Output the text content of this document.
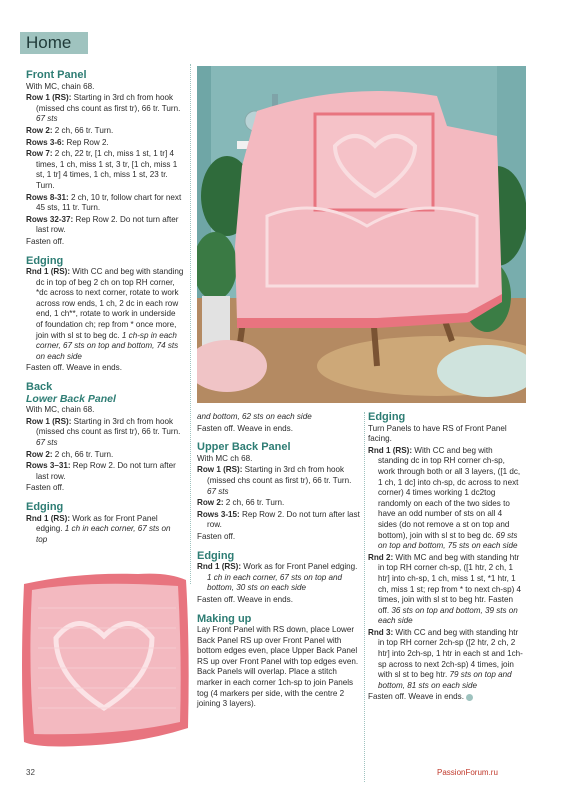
Home
Front Panel

With MC, chain 68.

Row 1 (RS): Starting in 3rd ch from hook (missed chs count as first tr), 66 tr. Turn.
67 sts

Row 2: 2 ch, 66 tr. Turn.

Rows 3-6: Rep Row 2.

Row 7: 2 ch, 22 tr, [1 ch, miss 1 st, 1 tr] 4 times, 1 ch, miss 1 st, 3 tr, [1 ch, miss 1 st, 1 tr] 4 times, 1 ch, miss 1 st, 23 tr. Turn.

Rows 8-31: 2 ch, 10 tr, follow chart for next 45 sts, 11 tr. Turn.

Rows 32-37: Rep Row 2. Do not turn after last row.

Fasten off.

Edging

Rnd 1 (RS): With CC and beg with standing dc in top of beg 2 ch on top RH corner, *dc across to next corner, rotate to work across row ends, 1 ch, 2 dc in each row end, 1 ch**, rotate to work in underside of foundation ch; rep from * once more, join with sl st to beg dc. 1 ch-sp in each corner, 67 sts on top and bottom, 74 sts on each side

Fasten off. Weave in ends.

Back
Lower Back Panel

With MC, chain 68.

Row 1 (RS): Starting in 3rd ch from hook (missed chs count as first tr), 66 tr. Turn.
67 sts

Row 2: 2 ch, 66 tr. Turn.

Rows 3–31: Rep Row 2. Do not turn after last row.

Fasten off.

Edging

Rnd 1 (RS): Work as for Front Panel edging. 1 ch in each corner, 67 sts on top

and bottom, 62 sts on each side

Fasten off. Weave in ends.

Upper Back Panel

With MC ch 68.

Row 1 (RS): Starting in 3rd ch from hook (missed chs count as first tr), 66 tr. Turn.
67 sts

Row 2: 2 ch, 66 tr. Turn.

Rows 3-15: Rep Row 2. Do not turn after last row.

Fasten off.

Edging

Rnd 1 (RS): Work as for Front Panel edging. 1 ch in each corner, 67 sts on top and bottom, 30 sts on each side

Fasten off. Weave in ends.

Making up

Lay Front Panel with RS down, place Lower Back Panel RS up over Front Panel with bottom edges even, place Upper Back Panel RS up over Front Panel with top edges even. Back Panels will overlap. Place a stitch marker in each corner 1ch-sp to join Panels tog (4 markers per side, with the centre 2 joining 3 layers).

Edging

Turn Panels to have RS of Front Panel facing.

Rnd 1 (RS): With CC and beg with standing dc in top RH corner ch-sp, work through both or all 3 layers, ([1 dc, 1 ch, 1 dc] into ch-sp, dc across to next corner) 4 times working 1 dc2tog randomly on each of the two sides to have an odd number of sts on all 4 sides (do not remove a st on top and bottom), join with sl st to beg dc. 69 sts on top and bottom, 75 sts on each side

Rnd 2: With MC and beg with standing htr in top RH corner ch-sp, ([1 htr, 2 ch, 1 htr] into ch-sp, 1 ch, miss 1 st, *1 htr, 1 ch, miss 1 st; rep from * to next ch-sp) 4 times, join with sl st to beg htr. Fasten off. 36 sts on top and bottom, 39 sts on each side

Rnd 3: With CC and beg with standing htr in top RH corner 2ch-sp ([2 htr, 2 ch, 2 htr] into 2ch-sp, 1 htr in each st and 1ch-sp across to next 2ch-sp) 4 times, join with sl st to beg htr. 79 sts on top and bottom, 81 sts on each side

Fasten off. Weave in ends.

32	PassionForum.ru
